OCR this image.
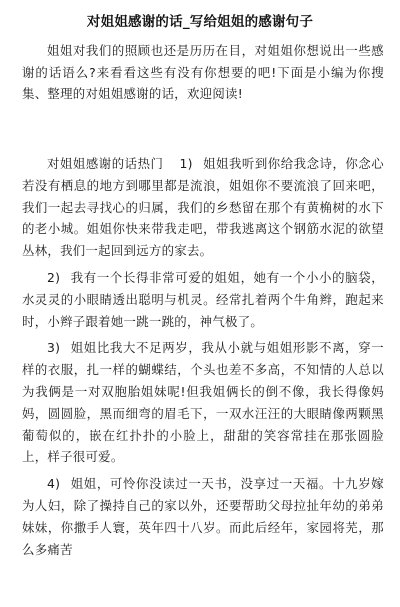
对姐姐感谢的话_写给姐姐的感谢句子
姐姐对我们的照顾也还是历历在目，对姐姐你想说出一些感谢的话语么?来看看这些有没有你想要的吧!下面是小编为你搜集、整理的对姐姐感谢的话，欢迎阅读!

对姐姐感谢的话热门 1) 姐姐我听到你给我念诗，你念心若没有栖息的地方到哪里都是流浪，姐姐你不要流浪了回来吧，我们一起去寻找心的归属，我们的乡愁留在那个有黄桷树的水下的老小城。姐姐你快来带我走吧，带我逃离这个钢筋水泥的欲望丛林，我们一起回到远方的家去。

2) 我有一个长得非常可爱的姐姐，她有一个小小的脑袋，水灵灵的小眼睛透出聪明与机灵。经常扎着两个牛角辫，跑起来时，小辫子跟着她一跳一跳的，神气极了。

3) 姐姐比我大不足两岁，我从小就与姐姐形影不离，穿一样的衣服，扎一样的蝴蝶结，个头也差不多高，不知情的人总以为我俩是一对双胞胎姐妹呢!但我姐俩长的倒不像，我长得像妈妈，圆圆脸，黑而细弯的眉毛下，一双水汪汪的大眼睛像两颗黑葡萄似的，嵌在红扑扑的小脸上，甜甜的笑容常挂在那张圆脸上，样子很可爱。

4) 姐姐，可怜你没读过一天书，没享过一天福。十九岁嫁为人妇，除了操持自己的家以外，还要帮助父母拉扯年幼的弟弟妹妹，你撒手人寰，英年四十八岁。而此后经年，家园将芜，那么多痛苦
